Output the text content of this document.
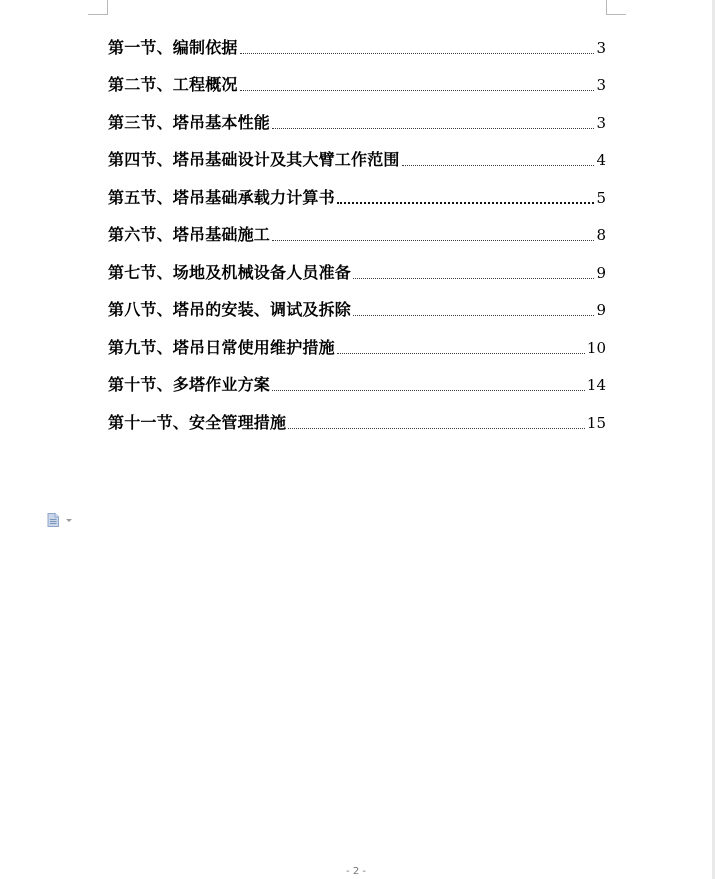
第一节、编制依据	3
第二节、工程概况	3
第三节、塔吊基本性能	3
第四节、塔吊基础设计及其大臂工作范围	4
第五节、塔吊基础承载力计算书	5
第六节、塔吊基础施工	8
第七节、场地及机械设备人员准备	9
第八节、塔吊的安装、调试及拆除	9
第九节、塔吊日常使用维护措施	10
第十节、多塔作业方案	14
第十一节、安全管理措施	15
- 2 -
